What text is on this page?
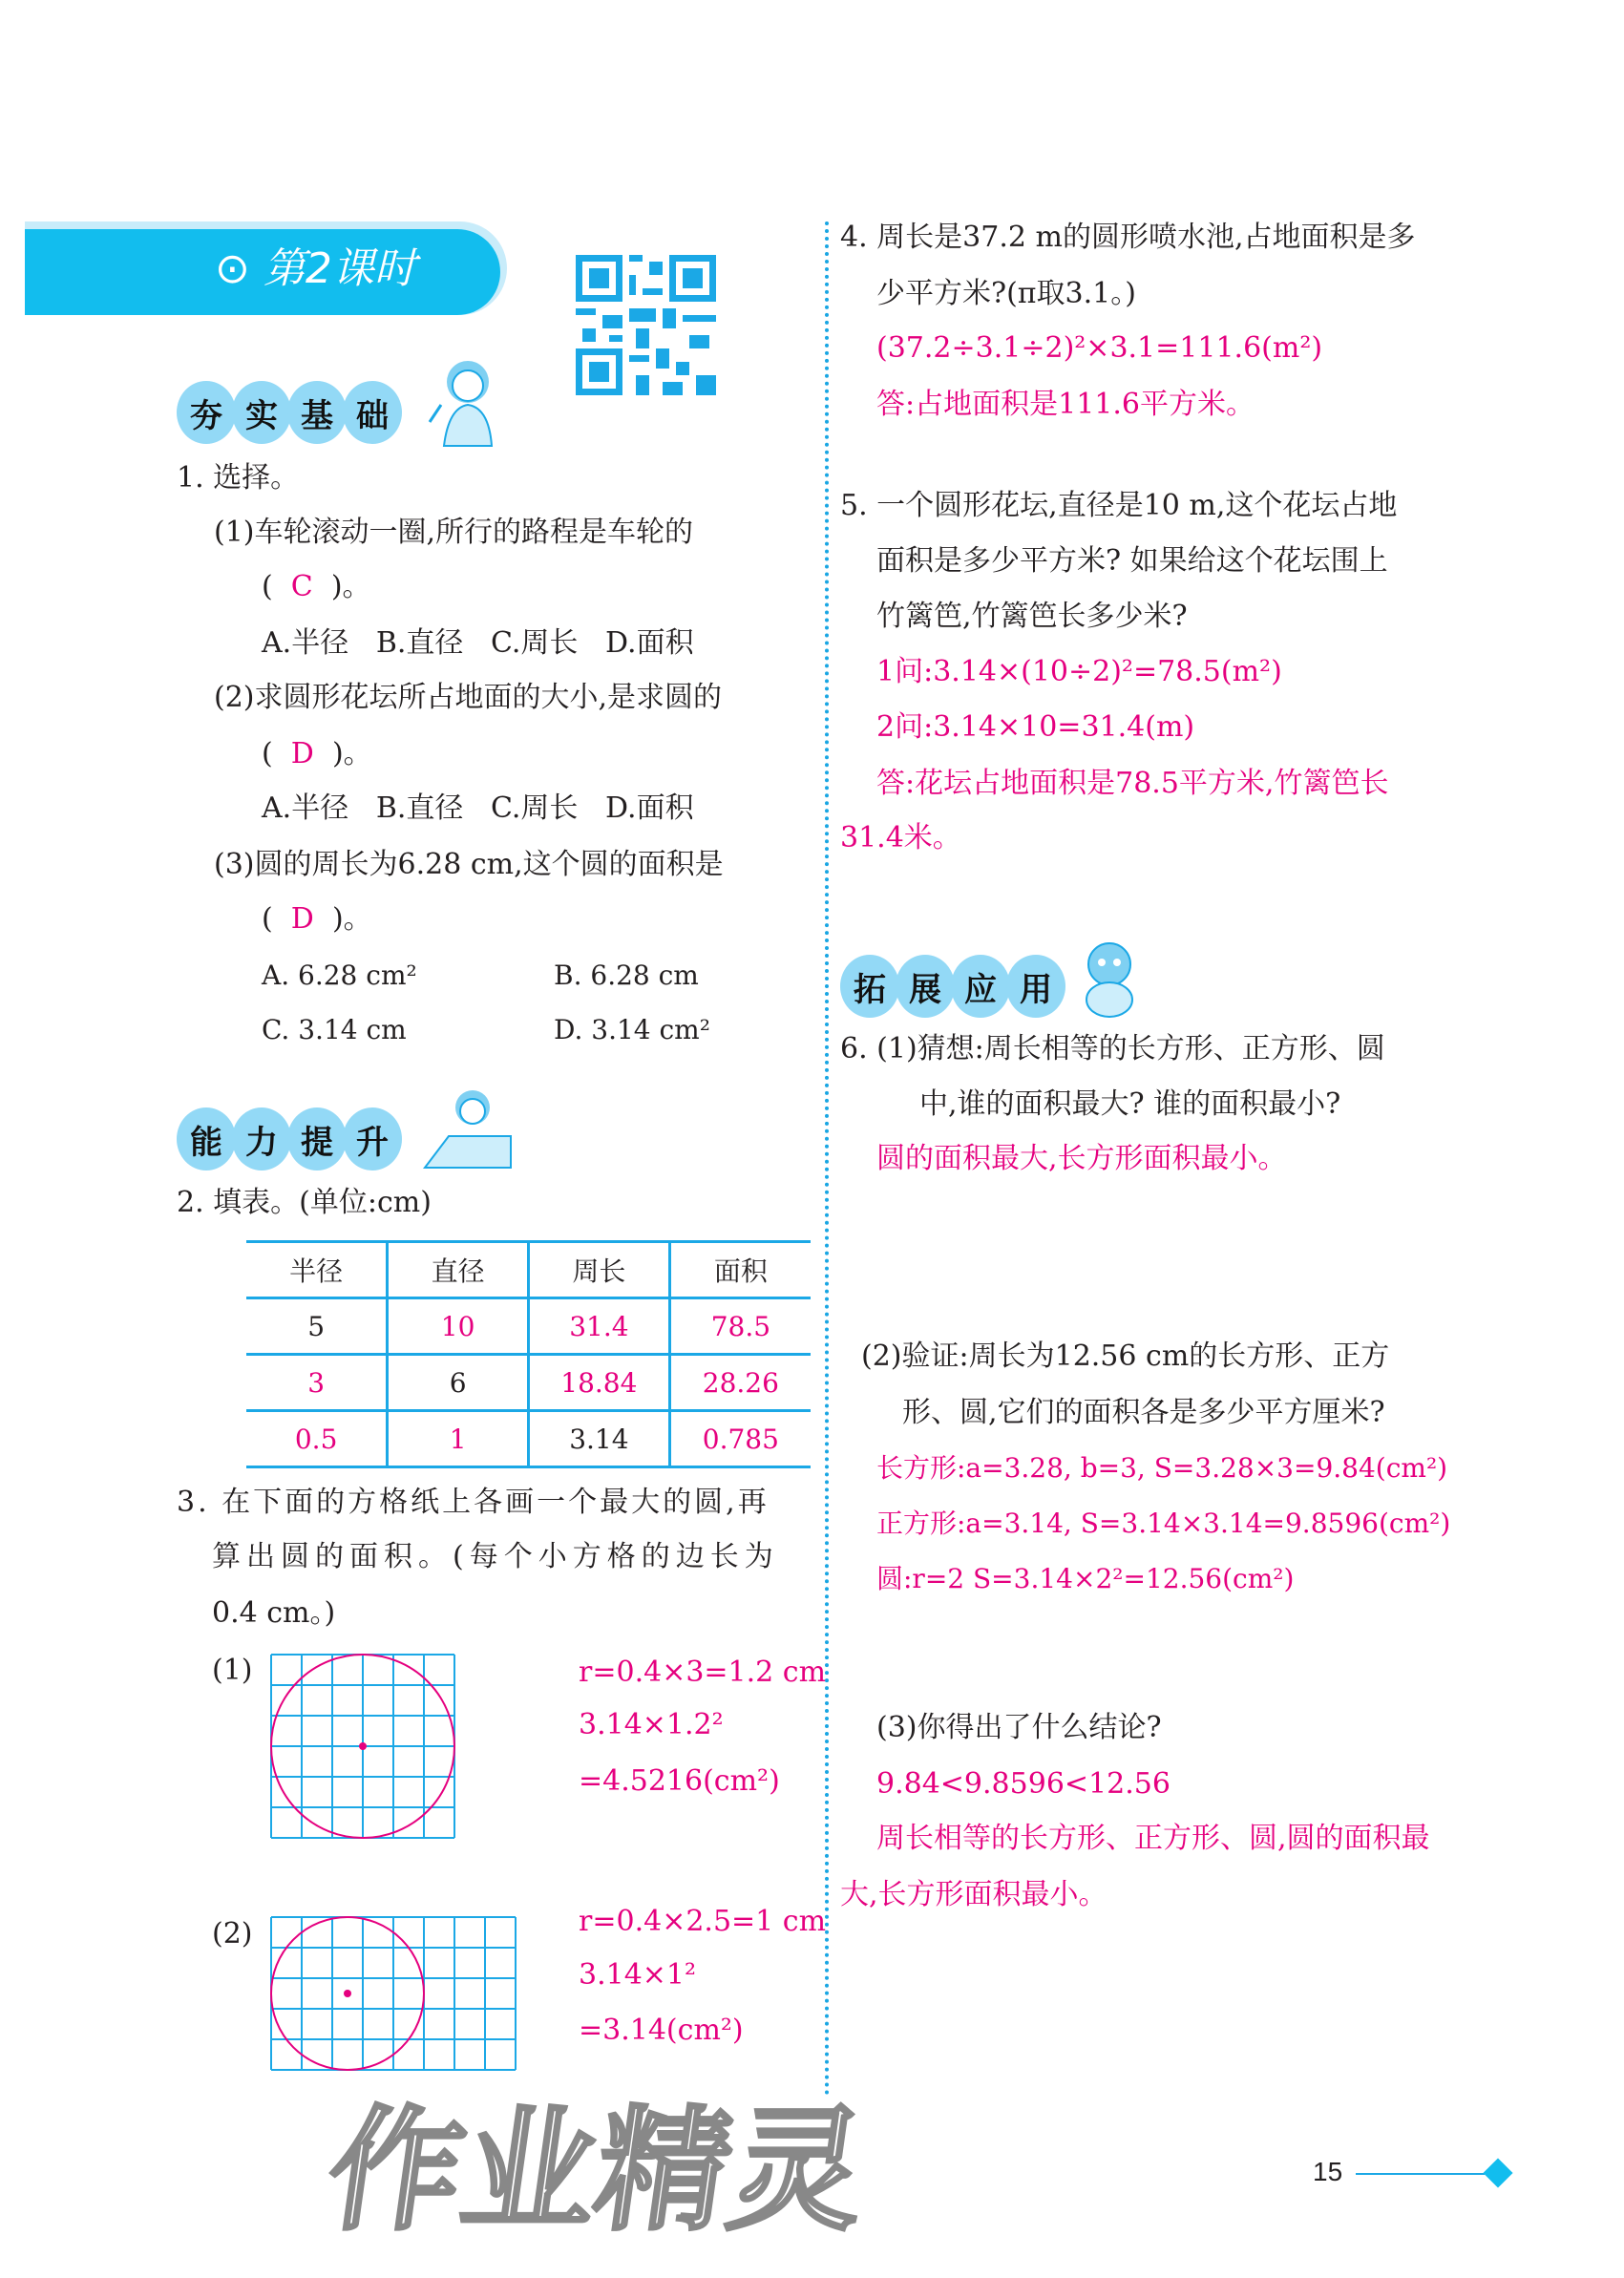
⊙ 第2课时
夯 实 基 础
1. 选择。
(1)车轮滚动一圈,所行的路程是车轮的
( C )。
A.半径 B.直径 C.周长 D.面积
(2)求圆形花坛所占地面的大小,是求圆的
( D )。
A.半径 B.直径 C.周长 D.面积
(3)圆的周长为6.28 cm,这个圆的面积是
( D )。
A. 6.28 cm²	B. 6.28 cm
C. 3.14 cm	D. 3.14 cm²
能 力 提 升
2. 填表。(单位:cm)
半径	直径	周长	面积
5	10	31.4	78.5
3	6	18.84	28.26
0.5	1	3.14	0.785
3. 在下面的方格纸上各画一个最大的圆,再
算出圆的面积。(每个小方格的边长为
0.4 cm。)
(1)	r=0.4×3=1.2 cm
3.14×1.2²
=4.5216(cm²)
(2)	r=0.4×2.5=1 cm
3.14×1²
=3.14(cm²)
4. 周长是37.2 m的圆形喷水池,占地面积是多
少平方米?(π取3.1。)
(37.2÷3.1÷2)²×3.1=111.6(m²)
答:占地面积是111.6平方米。
5. 一个圆形花坛,直径是10 m,这个花坛占地
面积是多少平方米? 如果给这个花坛围上
竹篱笆,竹篱笆长多少米?
1问:3.14×(10÷2)²=78.5(m²)
2问:3.14×10=31.4(m)
答:花坛占地面积是78.5平方米,竹篱笆长
31.4米。
拓 展 应 用
6. (1)猜想:周长相等的长方形、正方形、圆
中,谁的面积最大? 谁的面积最小?
圆的面积最大,长方形面积最小。
(2)验证:周长为12.56 cm的长方形、正方
形、圆,它们的面积各是多少平方厘米?
长方形:a=3.28, b=3, S=3.28×3=9.84(cm²)
正方形:a=3.14, S=3.14×3.14=9.8596(cm²)
圆:r=2 S=3.14×2²=12.56(cm²)
(3)你得出了什么结论?
9.84<9.8596<12.56
周长相等的长方形、正方形、圆,圆的面积最
大,长方形面积最小。
作业精灵	15
